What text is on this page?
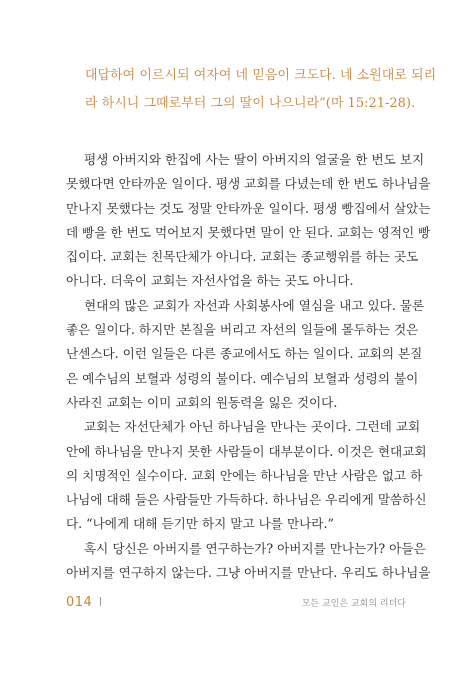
대답하여 이르시되 여자여 네 믿음이 크도다. 네 소원대로 되리
라 하시니 그때로부터 그의 딸이 나으니라”(마 15:21-28).
평생 아버지와 한집에 사는 딸이 아버지의 얼굴을 한 번도 보지
못했다면 안타까운 일이다. 평생 교회를 다녔는데 한 번도 하나님을
만나지 못했다는 것도 정말 안타까운 일이다. 평생 빵집에서 살았는
데 빵을 한 번도 먹어보지 못했다면 말이 안 된다. 교회는 영적인 빵
집이다. 교회는 친목단체가 아니다. 교회는 종교행위를 하는 곳도
아니다. 더욱이 교회는 자선사업을 하는 곳도 아니다.
현대의 많은 교회가 자선과 사회봉사에 열심을 내고 있다. 물론
좋은 일이다. 하지만 본질을 버리고 자선의 일들에 몰두하는 것은
난센스다. 이런 일들은 다른 종교에서도 하는 일이다. 교회의 본질
은 예수님의 보혈과 성령의 불이다. 예수님의 보혈과 성령의 불이
사라진 교회는 이미 교회의 원동력을 잃은 것이다.
교회는 자선단체가 아닌 하나님을 만나는 곳이다. 그런데 교회
안에 하나님을 만나지 못한 사람들이 대부분이다. 이것은 현대교회
의 치명적인 실수이다. 교회 안에는 하나님을 만난 사람은 없고 하
나님에 대해 들은 사람들만 가득하다. 하나님은 우리에게 말씀하신
다. “나에게 대해 듣기만 하지 말고 나를 만나라.”
혹시 당신은 아버지를 연구하는가? 아버지를 만나는가? 아들은
아버지를 연구하지 않는다. 그냥 아버지를 만난다. 우리도 하나님을
014	모든 교인은 교회의 리더다
